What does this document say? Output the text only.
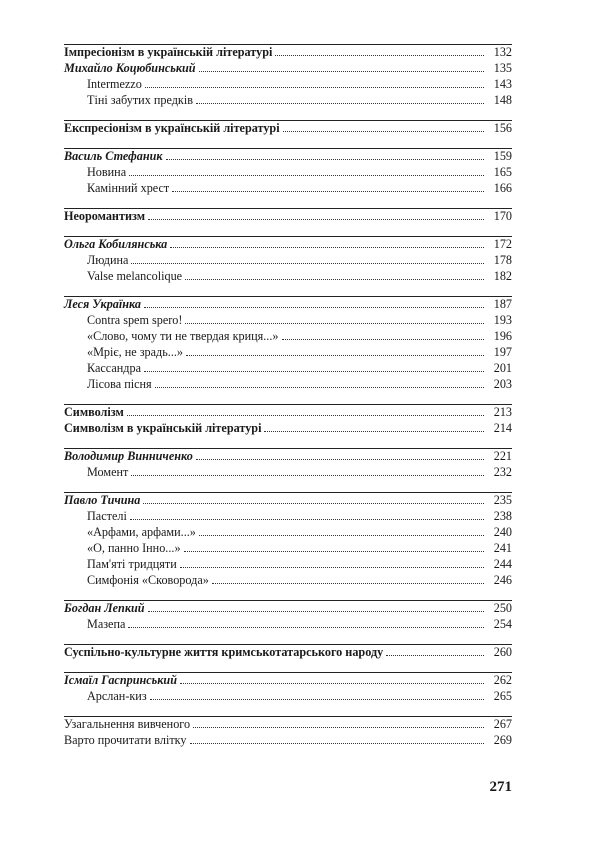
Імпресіонізм в українській літературі	132
Михайло Коцюбинський	135
Intermezzo	143
Тіні забутих предків	148
Експресіонізм в українській літературі	156
Василь Стефаник	159
Новина	165
Камінний хрест	166
Неоромантизм	170
Ольга Кобилянська	172
Людина	178
Valse melancolique	182
Леся Українка	187
Contra spem spero!	193
«Слово, чому ти не твердая криця...»	196
«Мріє, не зрадь...»	197
Кассандра	201
Лісова пісня	203
Символізм	213
Символізм в українській літературі	214
Володимир Винниченко	221
Момент	232
Павло Тичина	235
Пастелі	238
«Арфами, арфами...»	240
«О, панно Інно...»	241
Пам'яті тридцяти	244
Симфонія «Сковорода»	246
Богдан Лепкий	250
Мазепа	254
Суспільно-культурне життя кримськотатарського народу	260
Ісмаїл Гаспринський	262
Арслан-киз	265
Узагальнення вивченого	267
Варто прочитати влітку	269
271
